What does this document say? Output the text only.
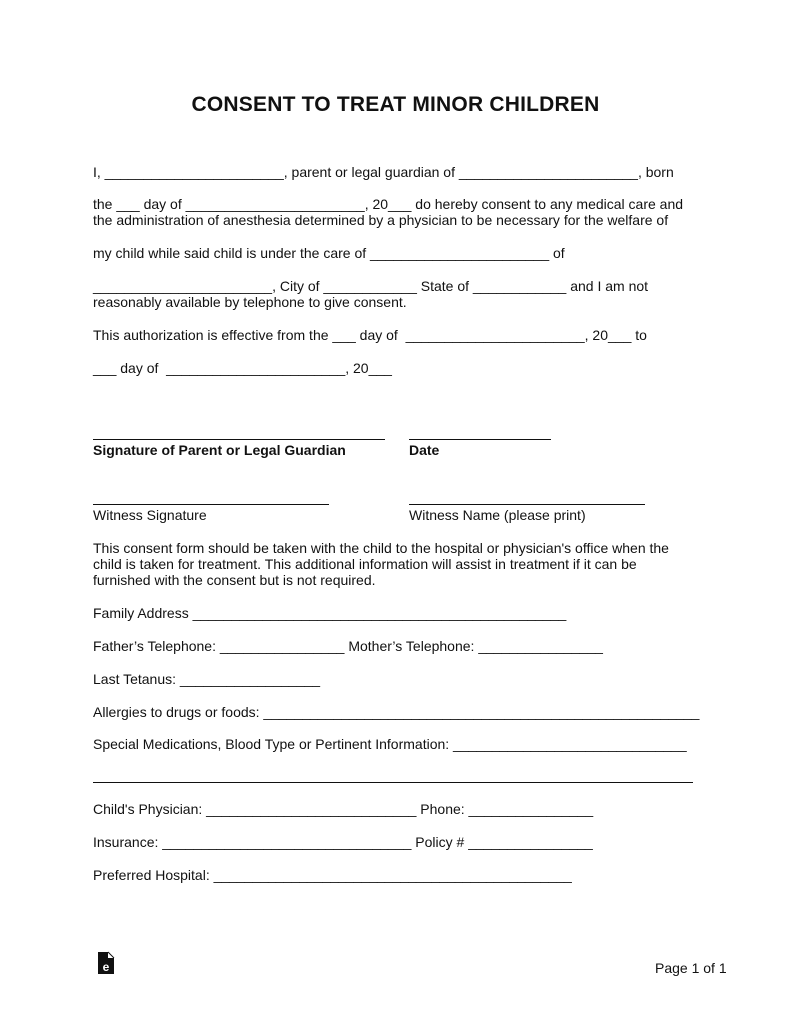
CONSENT TO TREAT MINOR CHILDREN
I, _______________________, parent or legal guardian of _______________________, born
the ___ day of _______________________, 20___ do hereby consent to any medical care and
the administration of anesthesia determined by a physician to be necessary for the welfare of
my child while said child is under the care of _______________________ of
_______________________, City of ____________ State of ____________ and I am not
reasonably available by telephone to give consent.
This authorization is effective from the ___ day of  _______________________, 20___ to
___ day of  _______________________, 20___
Signature of Parent or Legal Guardian	Date
Witness Signature	Witness Name (please print)
This consent form should be taken with the child to the hospital or physician's office when the
child is taken for treatment. This additional information will assist in treatment if it can be
furnished with the consent but is not required.
Family Address ________________________________________________
Father’s Telephone: ________________ Mother’s Telephone: ________________
Last Tetanus: __________________
Allergies to drugs or foods: ________________________________________________________
Special Medications, Blood Type or Pertinent Information: ______________________________
Child's Physician: ___________________________ Phone: ________________
Insurance: ________________________________ Policy # ________________
Preferred Hospital: ______________________________________________
e	Page 1 of 1
